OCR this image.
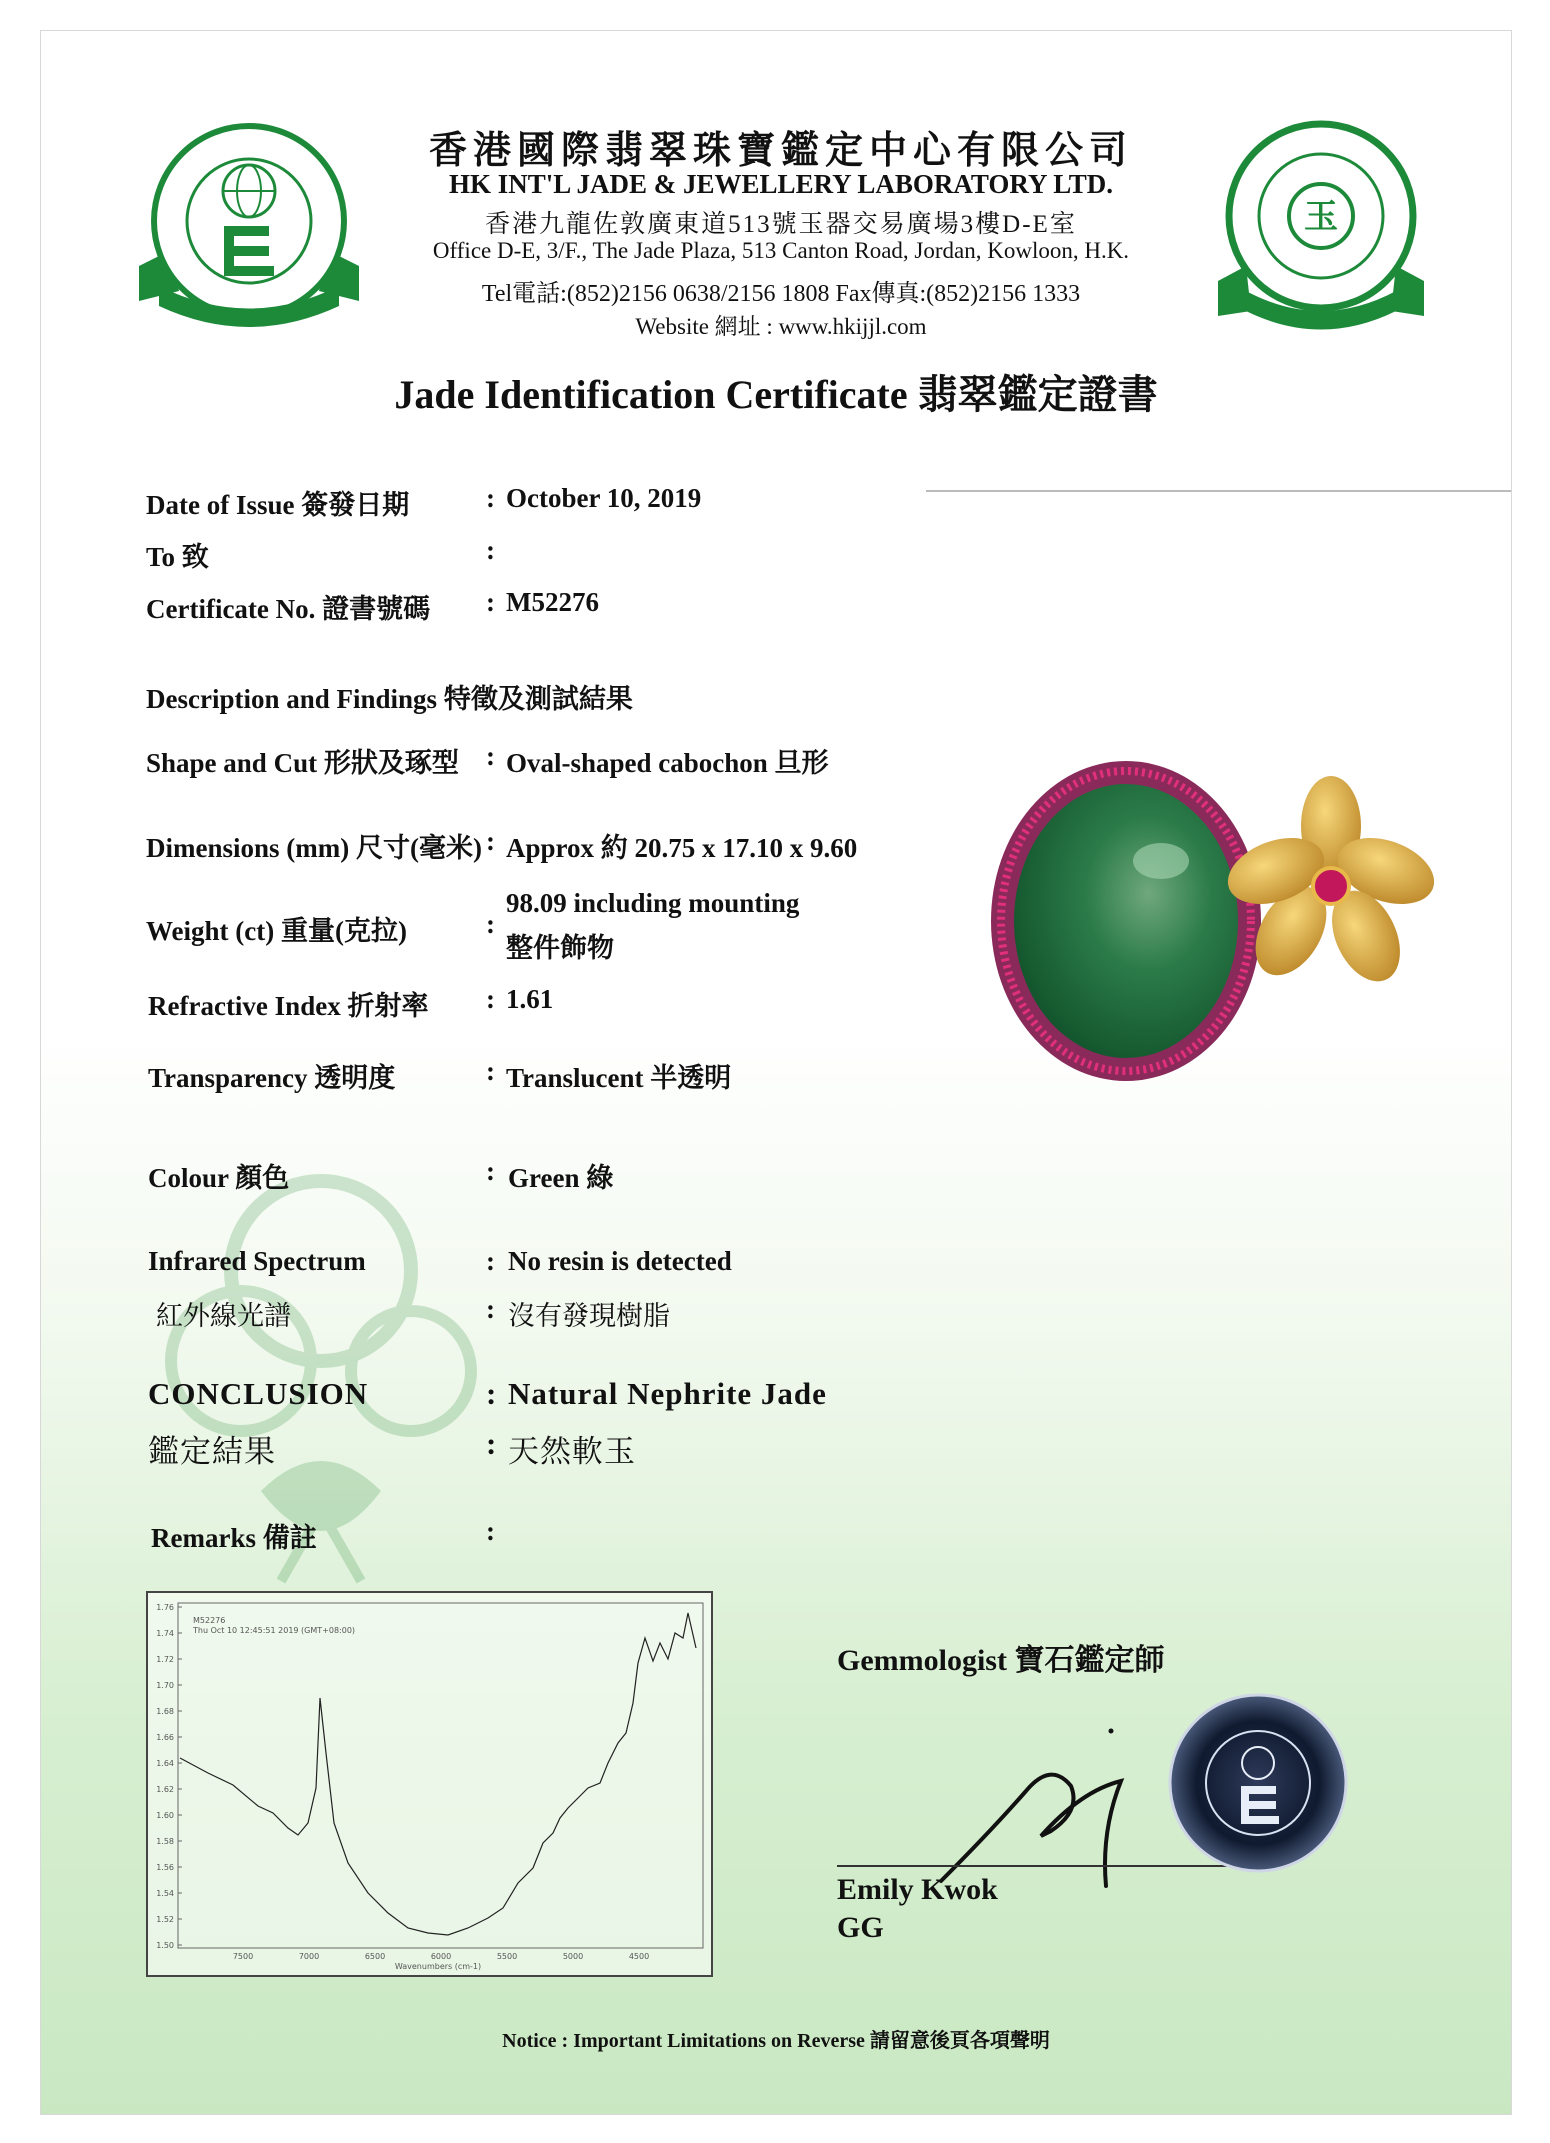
玉
香港國際翡翠珠寶鑑定中心有限公司
HK INT'L JADE & JEWELLERY LABORATORY LTD.
香港九龍佐敦廣東道513號玉器交易廣場3樓D-E室
Office D-E, 3/F., The Jade Plaza, 513 Canton Road, Jordan, Kowloon, H.K.
Tel電話:(852)2156 0638/2156 1808 Fax傳真:(852)2156 1333
Website 網址 : www.hkijjl.com
Jade Identification Certificate 翡翠鑑定證書
Date of Issue 簽發日期	: October 10, 2019
To 致	:
Certificate No. 證書號碼 : M52276
Description and Findings 特徵及測試結果
Shape and Cut 形狀及琢型 : Oval-shaped cabochon 旦形
Dimensions (mm) 尺寸(毫米) : Approx 約 20.75 x 17.10 x 9.60
Weight (ct) 重量(克拉)	:
98.09 including mounting
整件飾物
Refractive Index 折射率 : 1.61
Transparency 透明度	: Translucent 半透明
Colour 顏色	: Green 綠
Infrared Spectrum	: No resin is detected
紅外線光譜	: 沒有發現樹脂
CONCLUSION	: Natural Nephrite Jade
鑑定結果	: 天然軟玉
Remarks 備註	:
M52276
Thu Oct 10 12:45:51 2019 (GMT+08:00)
1.76
1.74
1.72
1.70
1.68
1.66
1.64
1.62
1.60
1.58
1.56
1.54
1.52
1.50
7500	7000	6500	6000	5500	5000	4500
Wavenumbers (cm-1)
Gemmologist 寶石鑑定師
Emily Kwok
GG
Notice : Important Limitations on Reverse 請留意後頁各項聲明
